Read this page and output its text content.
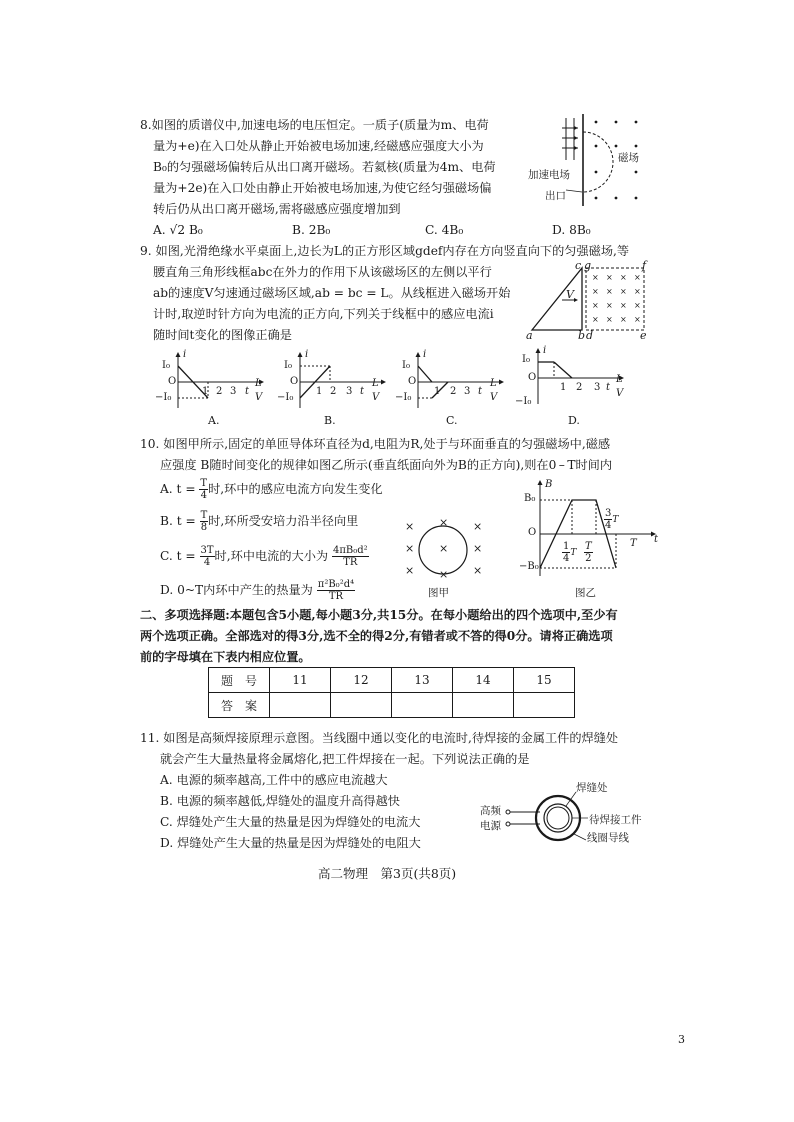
8.如图的质谱仪中,加速电场的电压恒定。一质子(质量为m、电荷
量为+e)在入口处从静止开始被电场加速,经磁感应强度大小为
B₀的匀强磁场偏转后从出口离开磁场。若氦核(质量为4m、电荷
量为+2e)在入口处由静止开始被电场加速,为使它经匀强磁场偏
转后仍从出口离开磁场,需将磁感应强度增加到
A. √2 B₀	B. 2B₀	C. 4B₀	D. 8B₀
加速电场
出口
磁场
9. 如图,光滑绝缘水平桌面上,边长为L的正方形区域gdef内存在方向竖直向下的匀强磁场,等
腰直角三角形线框abc在外力的作用下从该磁场区的左侧以平行
ab的速度V匀速通过磁场区域,ab = bc = L。从线框进入磁场开始
计时,取逆时针方向为电流的正方向,下列关于线框中的感应电流i
随时间t变化的图像正确是
× × × ×
× × × ×
× × × ×
× × × ×
a	b d	e
c g	f
V
I₀
O
−I₀
i
1 2 3 t
L
V
A.
I₀
O
−I₀
i
1 2 3 t
L
V
B.
I₀
O
−I₀
i
1 2 3 t
L
V
C.
I₀
O
−I₀
i
1 2 3 t
L
V
D.
10. 如图甲所示,固定的单匝导体环直径为d,电阻为R,处于与环面垂直的匀强磁场中,磁感
应强度 B随时间变化的规律如图乙所示(垂直纸面向外为B的正方向),则在0 – T时间内
A. $t = \frac{T}{4}$ 时,环中的感应电流方向发生变化
B. $t = \frac{T}{8}$ 时,环所受安培力沿半径向里
C. $t = \frac{3T}{4}$ 时,环中电流的大小为 $\frac{\text{4πB₀d²}}{TR}$
D. 0~T内环中产生的热量为 $\frac{\text{π²B₀²d⁴}}{TR}$
× × ×
× × ×
× × ×
图甲
B
B₀
O
−B₀
$\frac{1}{4}$ T $\frac{T}{2}$
$\frac{3}{4}$ T
T t
图乙
二、多项选择题:本题包含5小题,每小题3分,共15分。在每小题给出的四个选项中,至少有
两个选项正确。全部选对的得3分,选不全的得2分,有错者或不答的得0分。请将正确选项
前的字母填在下表内相应位置。
题　号	11	12	13	14	15
答　案					
11. 如图是高频焊接原理示意图。当线圈中通以变化的电流时,待焊接的金属工件的焊缝处
就会产生大量热量将金属熔化,把工件焊接在一起。下列说法正确的是
A. 电源的频率越高,工件中的感应电流越大
B. 电源的频率越低,焊缝处的温度升高得越快
C. 焊缝处产生大量的热量是因为焊缝处的电流大
D. 焊缝处产生大量的热量是因为焊缝处的电阻大
焊缝处
待焊接工件
线圈导线
高频
电源
高二物理　第3页(共8页)
3
